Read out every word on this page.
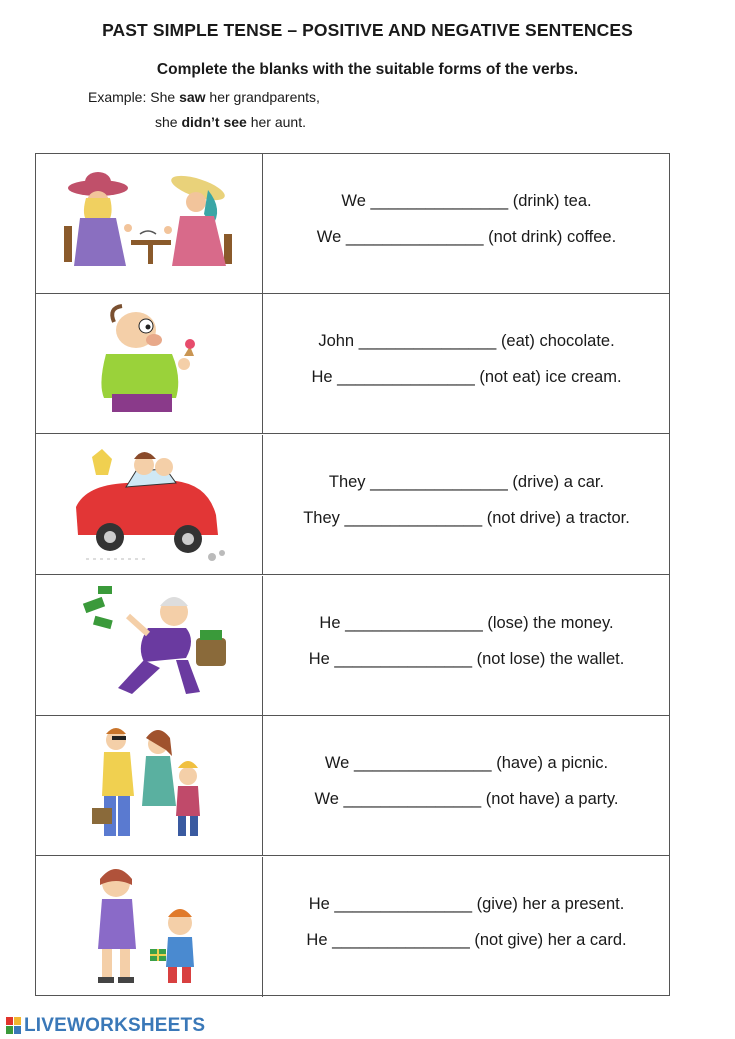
PAST SIMPLE TENSE – POSITIVE AND NEGATIVE SENTENCES
Complete the blanks with the suitable forms of the verbs.
Example: She saw her grandparents,
she didn’t see her aunt.
We _______________ (drink) tea.
We _______________ (not drink) coffee.
John _______________ (eat) chocolate.
He _______________ (not eat) ice cream.
They _______________ (drive) a car.
They _______________ (not drive) a tractor.
He _______________ (lose) the money.
He _______________ (not lose) the wallet.
We _______________ (have) a picnic.
We _______________ (not have) a party.
He _______________ (give) her a present.
He _______________ (not give) her a card.
LIVEWORKSHEETS
